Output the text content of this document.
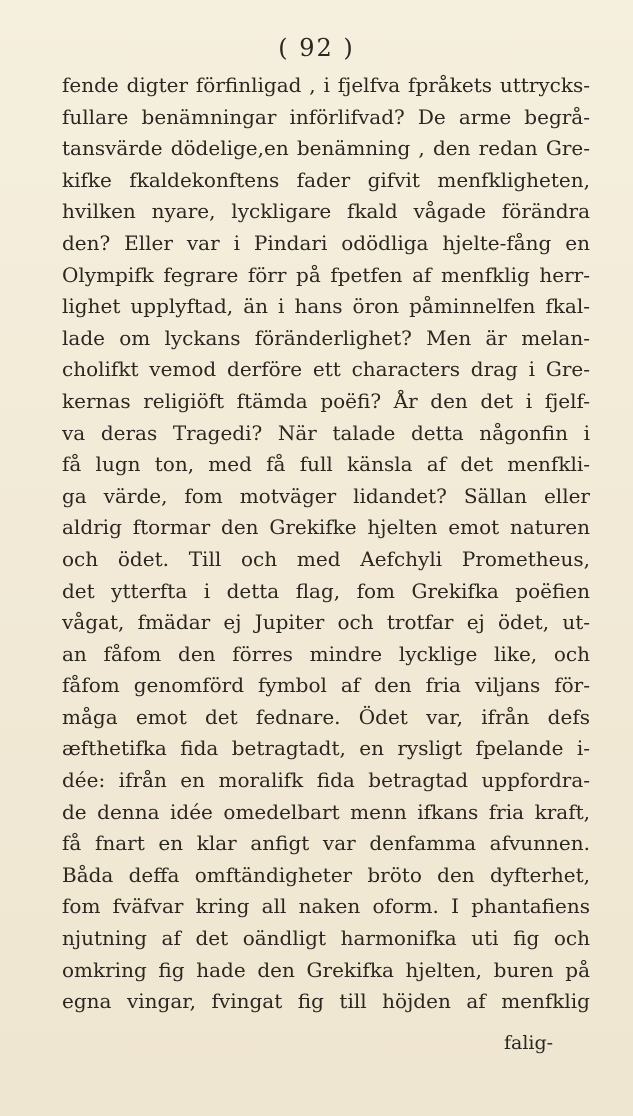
( 92 )
fende digter förfinligad , i fjelfva fpråkets uttrycks-
fullare benämningar införlifvad? De arme begrå-
tansvärde dödelige,en benämning , den redan Gre-
kifke fkaldekonftens fader gifvit menfkligheten,
hvilken nyare, lyckligare fkald vågade förändra
den? Eller var i Pindari odödliga hjelte-fång en
Olympifk fegrare förr på fpetfen af menfklig herr-
lighet upplyftad, än i hans öron påminnelfen fkal-
lade om lyckans föränderlighet? Men är melan-
cholifkt vemod derföre ett characters drag i Gre-
kernas religiöft ftämda poëfi? År den det i fjelf-
va deras Tragedi? När talade detta någonfin i
få lugn ton, med få full känsla af det menfkli-
ga värde, fom motväger lidandet? Sällan eller
aldrig ftormar den Grekifke hjelten emot naturen
och ödet. Till och med Aefchyli Prometheus,
det ytterfta i detta flag, fom Grekifka poëfien
vågat, fmädar ej Jupiter och trotfar ej ödet, ut-
an fåfom den förres mindre lycklige like, och
fåfom genomförd fymbol af den fria viljans för-
måga emot det fednare. Ödet var, ifrån defs
æfthetifka fida betragtadt, en rysligt fpelande i-
dée: ifrån en moralifk fida betragtad uppfordra-
de denna idée omedelbart menn ifkans fria kraft,
få fnart en klar anfigt var denfamma afvunnen.
Båda deffa omftändigheter bröto den dyfterhet,
fom fväfvar kring all naken oform. I phantafiens
njutning af det oändligt harmonifka uti fig och
omkring fig hade den Grekifka hjelten, buren på
egna vingar, fvingat fig till höjden af menfklig
falig-
